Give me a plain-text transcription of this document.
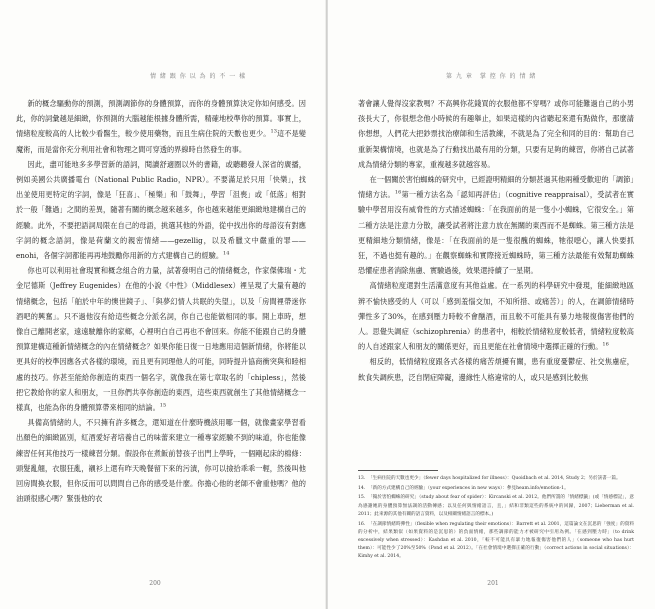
情 緒 跟 你 以 為 的 不 一 樣

新的概念驅動你的預測，預測調節你的身體預算，而你的身體預算決定你如何感受。因此，你的詞彙越是細緻，你預測的大腦越能根據身體所需，精確地校準你的預算。事實上，情緒粒度較高的人比較少看醫生，較少使用藥物，而且生病住院的天數也更少。$^{13}$這不是變魔術，而是當你充分利用社會和物理之間可穿透的界線時自然發生的事。

因此，盡可能地多多學習新的語詞，閱讀舒適圈以外的書籍，或聽聽發人深省的廣播，例如美國公共廣播電台（National Public Radio，NPR）。不要滿足於只用「快樂」，找出並使用更特定的字詞，像是「狂喜」、「極樂」和「鼓舞」，學習「沮喪」或「低落」相對於一般「難過」之間的差異，隨著有關的概念越來越多，你也越來越能更細緻地建構自己的經驗。此外，不要把語詞局限在自己的母語，挑選其他的外語，從中找出你的母語沒有對應字詞的概念語詞，像是荷蘭文的親密情緒——gezellig，以及希臘文中嚴重的罪——enohi，各個字詞都能再再地鼓勵你用新的方式建構自己的經驗。$^{14}$

你也可以利用社會現實和概念組合的力量，試著發明自己的情緒概念，作家傑佛瑞・尤金尼德斯（Jeffrey Eugenides）在他的小說《中性》（Middlesex）裡呈現了大量有趣的情緒概念，包括「舶於中年的懊世鏡子」、「與夢幻情人共眠的失望」，以及「房間裡帶迷你酒吧的興奮」。只不過他沒有給這些概念分派名詞，你自己也能做相同的事。開上車時，想像自己離開老家，遠遠駛離你的家鄉，心裡明白自己再也不會回來。你能不能跟自己的身體預算建構這種新情緒概念的內在情緒概念？如果你能日復一日地應用這個新情緒，你將能以更具好的校準因應各式各樣的環境，而且更有同理他人的可能，同時提升協商衝突與和睦相處的技巧。你甚至能給你創造的東西一個名字，就像我在第七章取名的「chipless」，然後把它教給你的家人和朋友，一旦你們共享你創造的東西，這些東西就創生了其他情緒概念一樣真，也能為你的身體預算帶來相同的結論。$^{15}$

具備高情緒的人，不只擁有許多概念，還知道在什麼時機該用哪一個，就像畫家學習看出顏色的細緻區別，紅酒愛好者培養自己的味蕾來建立一種專家經驗不到的味道，你也能像練習任何其他技巧一樣練習分類。假設你在煮飯前替孩子出門上學時，一個剛起床的棉條：頭髮亂翹，衣服狂亂，襯衫上還有昨天晚餐留下來的污漬，你可以撿拾乖乖一輕，然後叫他回房間換衣服，但你反而可以問問自己你的感受是什麼。你擔心他的老師不會重他嗎？他的油頭很感心嗎？緊張他的衣

200
第 九 章　掌 控 你 的 情 緒

著會讓人覺得沒家教嗎？不高興你花錢買的衣服他都不穿嗎？或你可能難過自己的小男孩長大了，你很想念他小時候的有趣舉止，如果這樣的內省聽起來還有點做作，那麼請你想想，人們花大把鈔票找治療師和生活教練，不就是為了完全和同的目的：幫助自己重新架構情境，也就是為了行動找出最有用的分類，只要有足夠的練習，你將自己試著成為情緒分類的專家，重複越多就越容易。

在一個關於害怕蜘蛛的研究中，已經證明精細的分類甚過其他兩種受歡迎的「調節」情緒方法。$^{16}$第一種方法名為「認知再評估」（cognitive reappraisal），受試者在實驗中學習用沒有威脅性的方式描述蜘蛛：「在我面前的是一隻小小蜘蛛，它很安全。」第二種方法是注意力分散，讓受試者將注意力放在無關的東西而不是蜘蛛。第三種方法是更精細地分類情緒，像是：「在我面前的是一隻很醜的蜘蛛，牠很噁心，讓人快要抓狂，不過也挺有趣的。」在觀察蜘蛛和實際接近蜘蛛時，第三種方法最能有效幫助蜘蛛恐懼症患者消除焦慮、實驗過後，效果還持續了一星期。

高情緒粒度還對生活滿意度有其他益處。在一系列的科學研究中發現，能細緻地區辨不愉快感受的人（可以「感到羞惱交加，不知所措、或痛苦）」的人，在調節情緒時彈性多了30%，在感到壓力時較不會酗酒，而且較不可能具有暴力地報復傷害他們的人。思覺失調症（schizophrenia）的患者中，相較於情緒粒度較低者，情緒粒度較高的人自述跟家人和朋友的關係更好，而且更能在社會情境中選擇正確的行動。$^{16}$

相反的，低情緒粒度跟各式各樣的痛苦煩擾有關，患有重度憂鬱症、社交焦慮症，飲食失調疾患，泛自閉症障礙，邊緣性人格違常的人，或只是感到比較焦

13. 「生病住院的天數也更少」（fewer days hospitalized for illness）：Quoidbach et al. 2014, Study 2；另於該書一篇。
14. 「新的方式建構自己的經驗」（your experiences in new ways）：參見heam.info/emotion-1。
15. 「獨於害怕蜘蛛的研究」（study about fear of spider）：Kircanski et al. 2012。他們所謂的「情緒標籤」(或「情感標記」，意為感謝她的身體預算無法調的活動傳感；以及任何與情緒語言，且，」結和非類這些的系統中的回歸，2007；Lieberman et al. 2011；此來源的其他有關的語言資料，以及相關情緒語言的標本。)
16. 「在調節情緒時彈性」（flexible when regulating their emotions）：Barrett et al. 2001，這篇論文在沉思的「強度」的資料的分析中，結果類似（如果資料的是沉思的）的負面情緒，那些調節的能力才被研究中引用為例。「在感到壓力時」（to drink excessively when stressed）：Kashdan et al. 2010，「較不可能具有暴力地報復傷害他們的人」（someone who has hurt them）：可能性少了20%至50%（Pond et al. 2012）。「在社會情境中選擇正確的行動」（correct actions in social situations）：Kimhy et al. 2014。
201
